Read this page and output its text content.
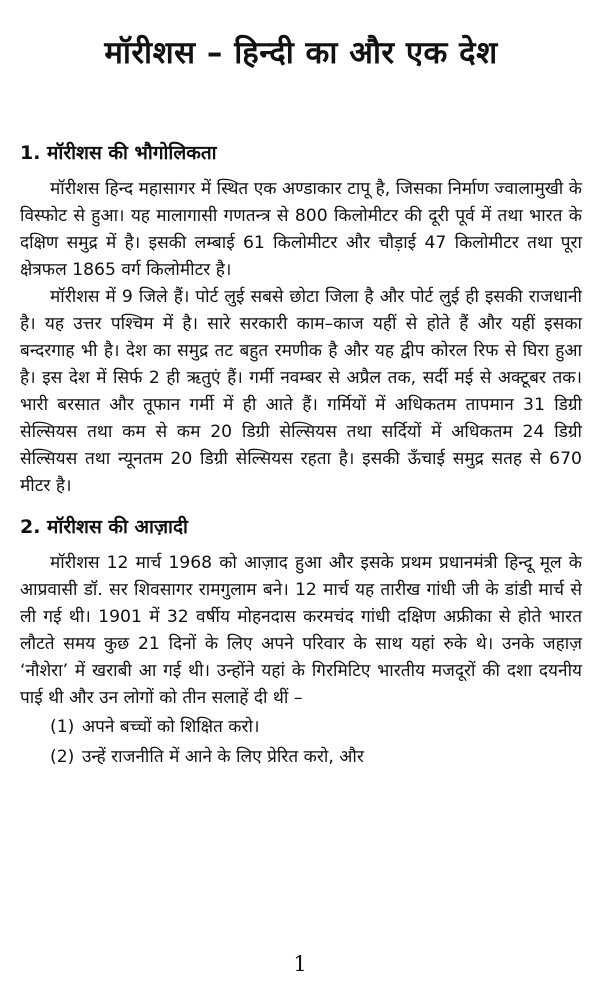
मॉरीशस – हिन्दी का और एक देश
1. मॉरीशस की भौगोलिकता

मॉरीशस हिन्द महासागर में स्थित एक अण्डाकार टापू है, जिसका निर्माण ज्वालामुखी के विस्फोट से हुआ। यह मालागासी गणतन्त्र से 800 किलोमीटर की दूरी पूर्व में तथा भारत के दक्षिण समुद्र में है। इसकी लम्बाई 61 किलोमीटर और चौड़ाई 47 किलोमीटर तथा पूरा क्षेत्रफल 1865 वर्ग किलोमीटर है।

मॉरीशस में 9 जिले हैं। पोर्ट लुई सबसे छोटा जिला है और पोर्ट लुई ही इसकी राजधानी है। यह उत्तर पश्चिम में है। सारे सरकारी काम–काज यहीं से होते हैं और यहीं इसका बन्दरगाह भी है। देश का समुद्र तट बहुत रमणीक है और यह द्वीप कोरल रिफ से घिरा हुआ है। इस देश में सिर्फ 2 ही ऋतुएं हैं। गर्मी नवम्बर से अप्रैल तक, सर्दी मई से अक्टूबर तक। भारी बरसात और तूफान गर्मी में ही आते हैं। गर्मियों में अधिकतम तापमान 31 डिग्री सेल्सियस तथा कम से कम 20 डिग्री सेल्सियस तथा सर्दियों में अधिकतम 24 डिग्री सेल्सियस तथा न्यूनतम 20 डिग्री सेल्सियस रहता है। इसकी ऊँचाई समुद्र सतह से 670 मीटर है।

2. मॉरीशस की आज़ादी

मॉरीशस 12 मार्च 1968 को आज़ाद हुआ और इसके प्रथम प्रधानमंत्री हिन्दू मूल के आप्रवासी डॉ. सर शिवसागर रामगुलाम बने। 12 मार्च यह तारीख गांधी जी के डांडी मार्च से ली गई थी। 1901 में 32 वर्षीय मोहनदास करमचंद गांधी दक्षिण अफ्रीका से होते भारत लौटते समय कुछ 21 दिनों के लिए अपने परिवार के साथ यहां रुके थे। उनके जहाज़ ‘नौशेरा’ में खराबी आ गई थी। उन्होंने यहां के गिरमिटिए भारतीय मजदूरों की दशा दयनीय पाई थी और उन लोगों को तीन सलाहें दी थीं –

(1) अपने बच्चों को शिक्षित करो।
(2) उन्हें राजनीति में आने के लिए प्रेरित करो, और
1
